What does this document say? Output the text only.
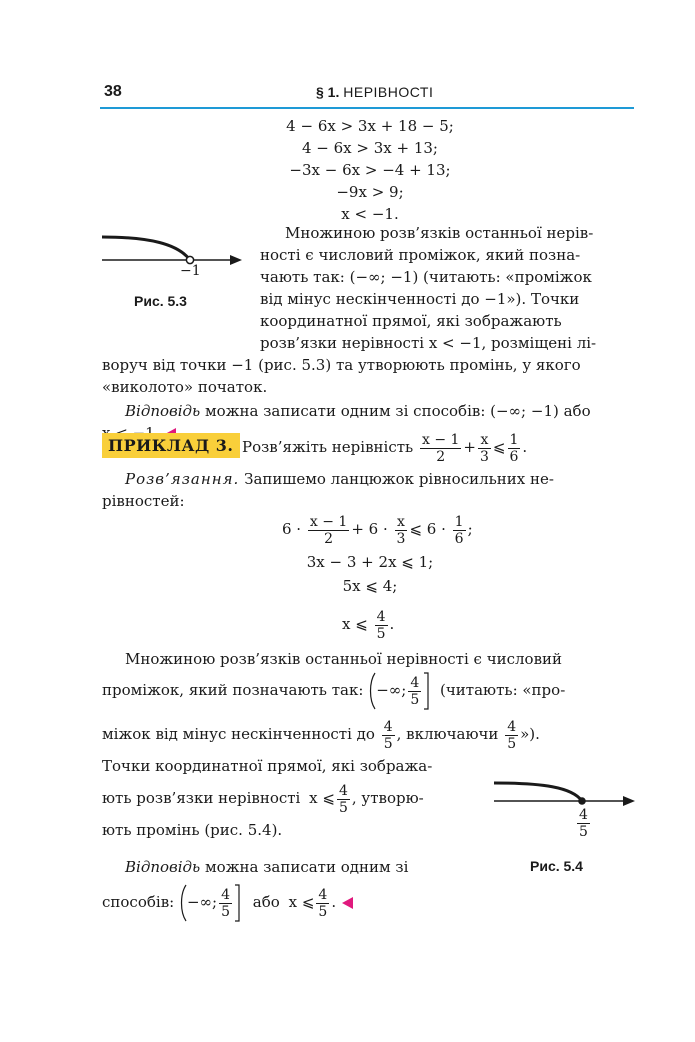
38	§ 1. НЕРІВНОСТІ
4 − 6x > 3x + 18 − 5;
4 − 6x > 3x + 13;
−3x − 6x > −4 + 13;
−9x > 9;
x < −1.
−1
Рис. 5.3
Множиною розв’язків останньої нерів-
ності є числовий проміжок, який позна-
чають так: (−∞; −1) (читають: «проміжок
від мінус нескінченності до −1»). Точки
координатної прямої, які зображають
розв’язки нерівності x < −1, розміщені лі-
воруч від точки −1 (рис. 5.3) та утворюють промінь, у якого
«виколото» початок.
Відповідь можна записати одним зі способів: (−∞; −1) або
ПРИКЛАД 3. Розв’яжіть нерівність $\frac{x - 1}{2} + \frac{x}{3}$ ⩽ $\frac{1}{6}$ .
Розв’язання. Запишемо ланцюжок рівносильних не-
рівностей:
$6 \cdot \frac{x - 1}{2} + 6 \cdot \frac{x}{3}$ ⩽ $6 \cdot \frac{1}{6}$ ;
3x − 3 + 2x ⩽ 1;
5x ⩽ 4;
x ⩽ $\frac{4}{5}$ .
Множиною розв’язків останньої нерівності є числовий
проміжок, який позначають так: −∞; $\frac{4}{5}$ (читають: «про-
міжок від мінус нескінченності до $\frac{4}{5}$ , включаючи $\frac{4}{5}$ »).
Точки координатної прямої, які зобража-
ють розв’язки нерівності x ⩽ $\frac{4}{5}$ , утворю-
ють промінь (рис. 5.4).	$\frac{4}{5}$
Рис. 5.4
Відповідь можна записати одним зі
способів: −∞; $\frac{4}{5}$ або x ⩽ $\frac{4}{5}$ .
